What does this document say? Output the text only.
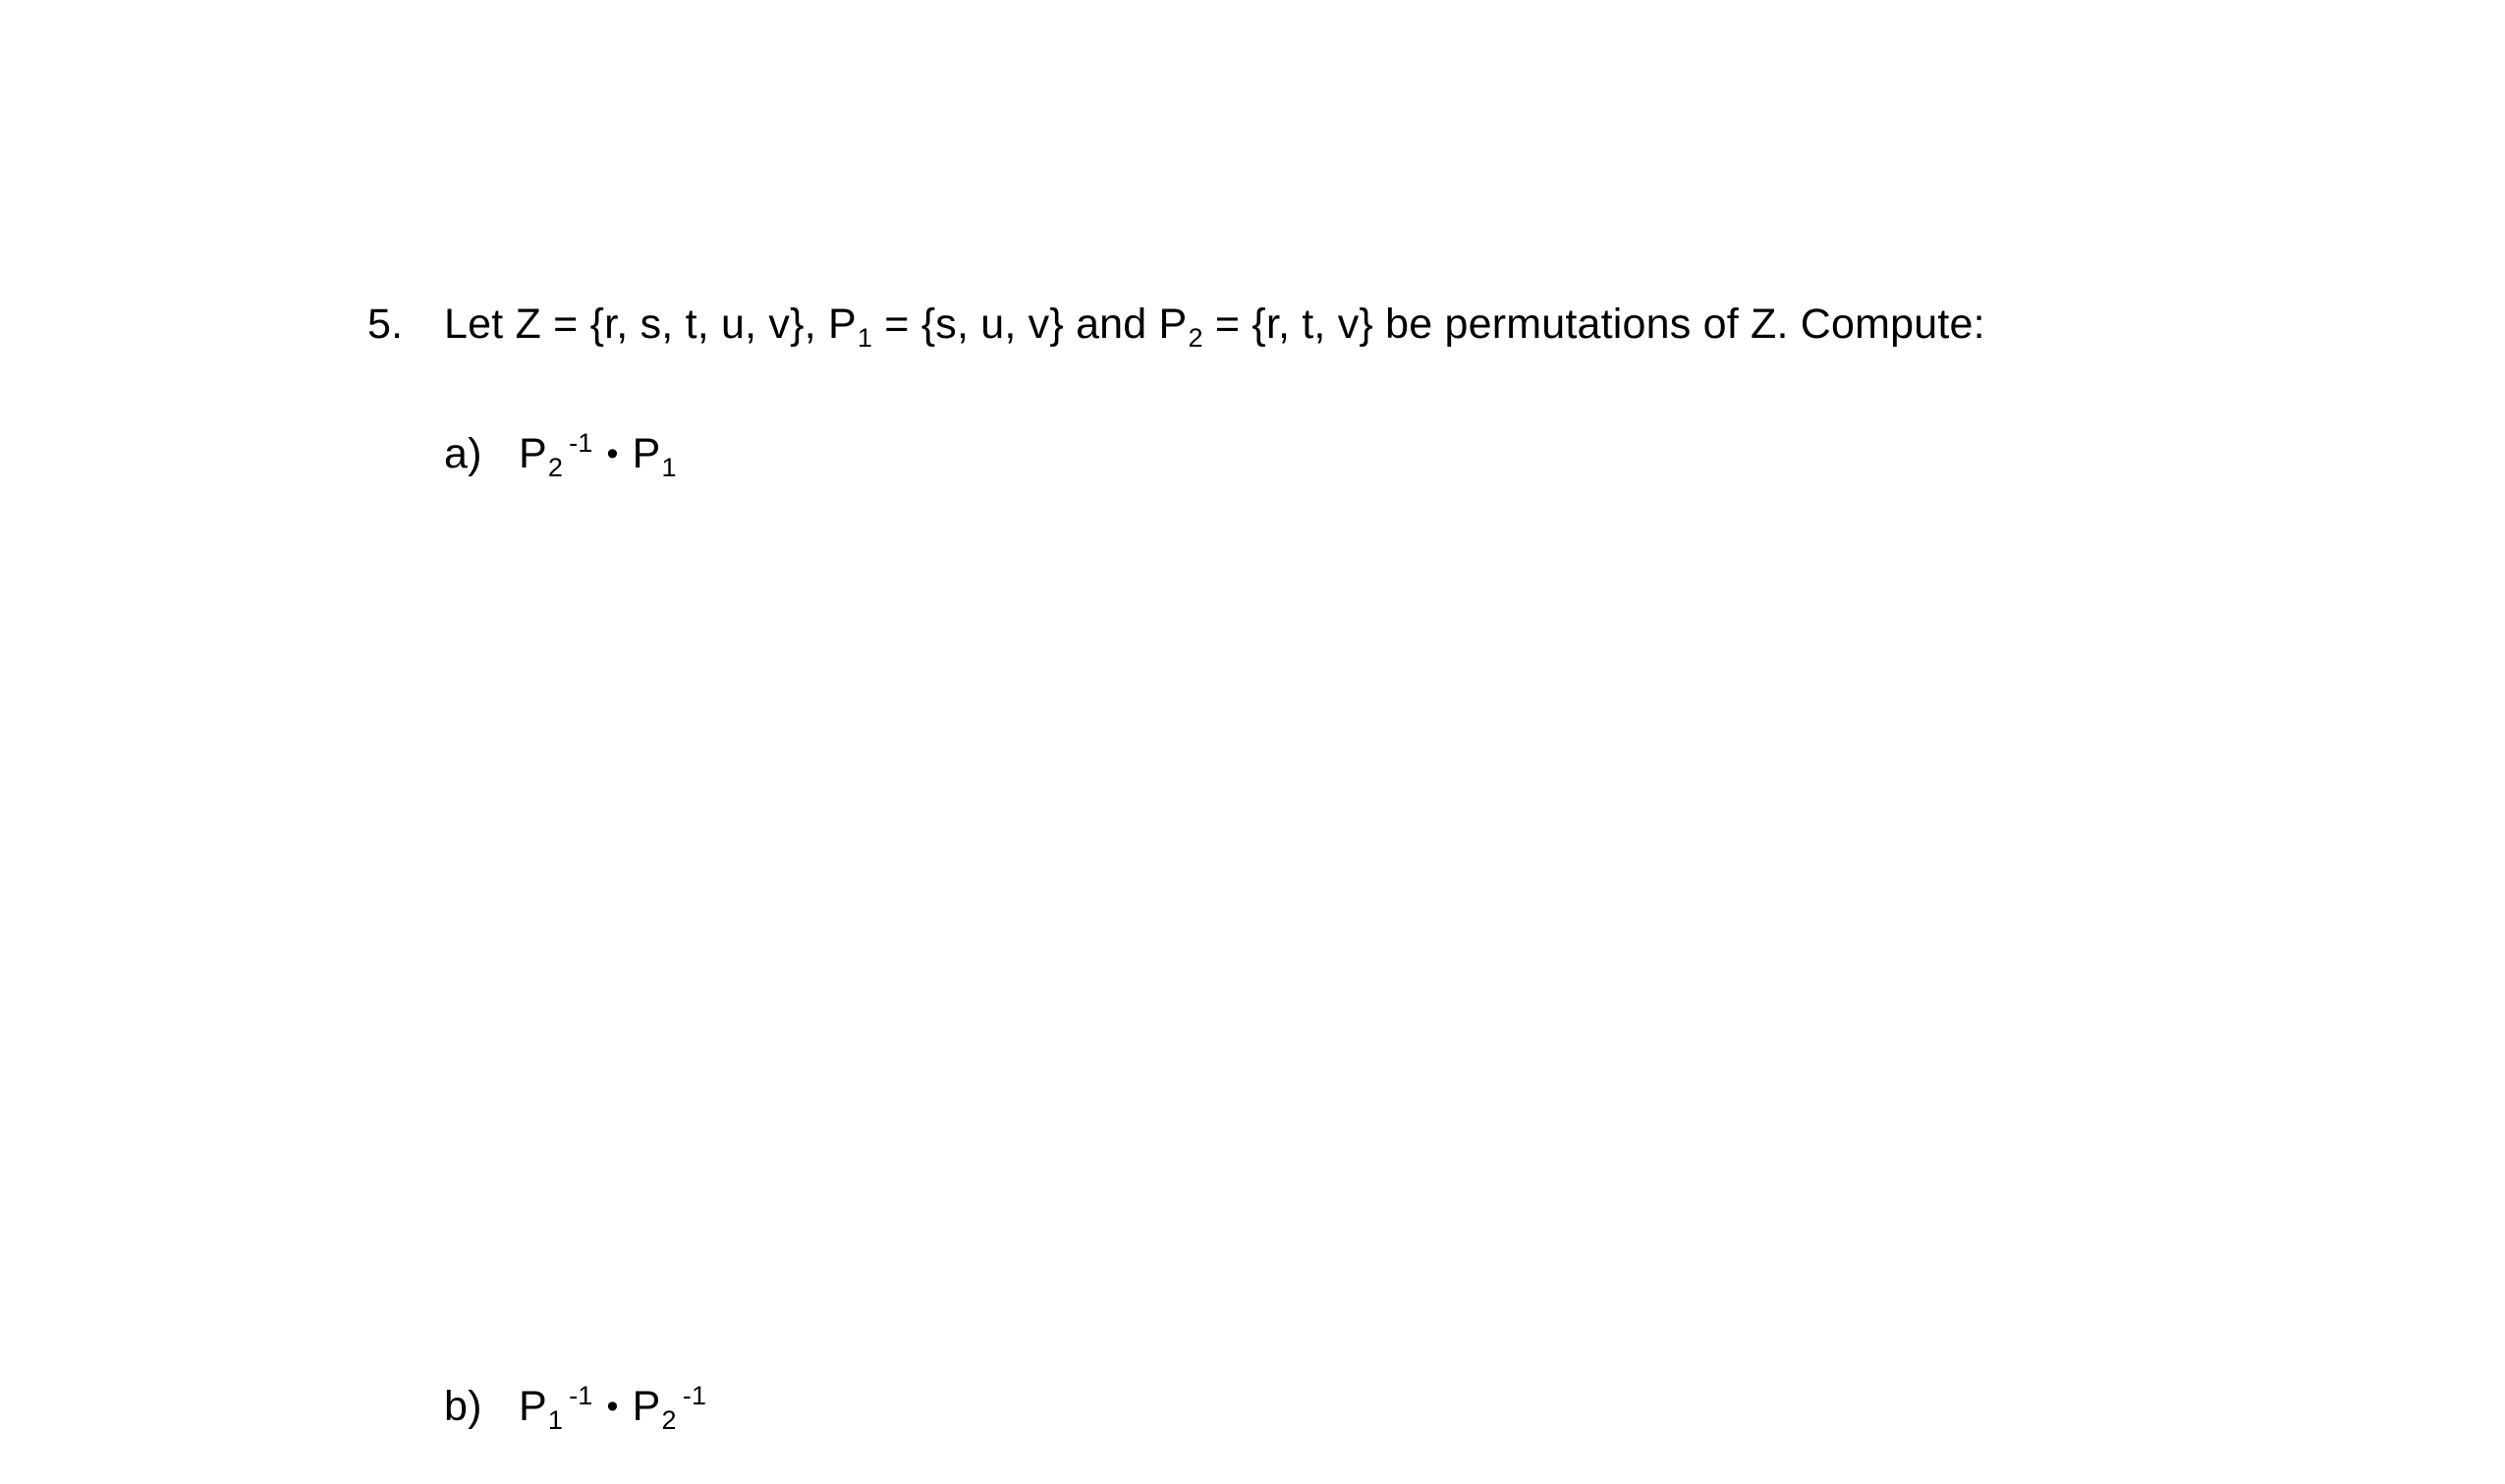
5. Let Z = {r, s, t, u, v}, $P_1 = \{s$, u, v} and $P_2 = \{r$, t, v} be permutations of Z. Compute:
a) $P_2^{-1}$ • $P_1$
b) $P_1^{-1}$ • $P_2^{-1}$
